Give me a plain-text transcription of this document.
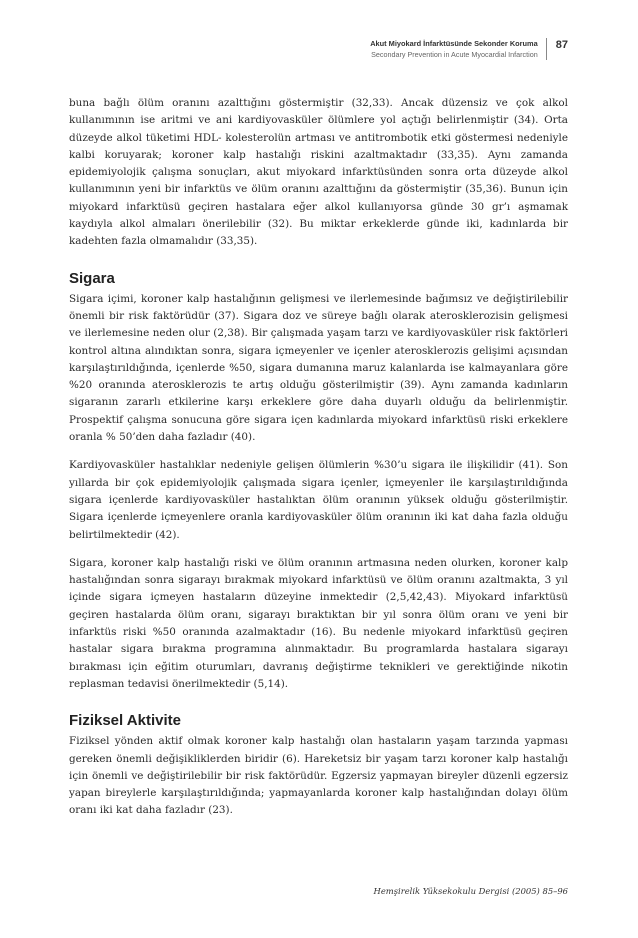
Akut Miyokard İnfarktüsünde Sekonder Koruma
Secondary Prevention in Acute Myocardial Infarction
87

buna bağlı ölüm oranını azalttığını göstermiştir (32,33). Ancak düzensiz ve çok alkol kullanımının ise aritmi ve ani kardiyovasküler ölümlere yol açtığı belirlenmiştir (34). Orta düzeyde alkol tüketimi HDL- kolesterolün artması ve antitrombotik etki göstermesi nedeniyle kalbi koruyarak; koroner kalp hastalığı riskini azaltmaktadır (33,35). Aynı zamanda epidemiyolojik çalışma sonuçları, akut miyokard infarktüsünden sonra orta düzeyde alkol kullanımının yeni bir infarktüs ve ölüm oranını azalttığını da göstermiştir (35,36). Bunun için miyokard infarktüsü geçiren hastalara eğer alkol kullanıyorsa günde 30 gr’ı aşmamak kaydıyla alkol almaları önerilebilir (32). Bu miktar erkeklerde günde iki, kadınlarda bir kadehten fazla olmamalıdır (33,35).

Sigara

Sigara içimi, koroner kalp hastalığının gelişmesi ve ilerlemesinde bağımsız ve değiştirilebilir önemli bir risk faktörüdür (37). Sigara doz ve süreye bağlı olarak aterosklerozisin gelişmesi ve ilerlemesine neden olur (2,38). Bir çalışmada yaşam tarzı ve kardiyovasküler risk faktörleri kontrol altına alındıktan sonra, sigara içmeyenler ve içenler aterosklerozis gelişimi açısından karşılaştırıldığında, içenlerde %50, sigara dumanına maruz kalanlarda ise kalmayanlara göre %20 oranında aterosklerozis te artış olduğu gösterilmiştir (39). Aynı zamanda kadınların sigaranın zararlı etkilerine karşı erkeklere göre daha duyarlı olduğu da belirlenmiştir. Prospektif çalışma sonucuna göre sigara içen kadınlarda miyokard infarktüsü riski erkeklere oranla % 50’den daha fazladır (40).

Kardiyovasküler hastalıklar nedeniyle gelişen ölümlerin %30’u sigara ile ilişkilidir (41). Son yıllarda bir çok epidemiyolojik çalışmada sigara içenler, içmeyenler ile karşılaştırıldığında sigara içenlerde kardiyovasküler hastalıktan ölüm oranının yüksek olduğu gösterilmiştir. Sigara içenlerde içmeyenlere oranla kardiyovasküler ölüm oranının iki kat daha fazla olduğu belirtilmektedir (42).

Sigara, koroner kalp hastalığı riski ve ölüm oranının artmasına neden olurken, koroner kalp hastalığından sonra sigarayı bırakmak miyokard infarktüsü ve ölüm oranını azaltmakta, 3 yıl içinde sigara içmeyen hastaların düzeyine inmektedir (2,5,42,43). Miyokard infarktüsü geçiren hastalarda ölüm oranı, sigarayı bıraktıktan bir yıl sonra ölüm oranı ve yeni bir infarktüs riski %50 oranında azalmaktadır (16). Bu nedenle miyokard infarktüsü geçiren hastalar sigara bırakma programına alınmaktadır. Bu programlarda hastalara sigarayı bırakması için eğitim oturumları, davranış değiştirme teknikleri ve gerektiğinde nikotin replasman tedavisi önerilmektedir (5,14).

Fiziksel Aktivite

Fiziksel yönden aktif olmak koroner kalp hastalığı olan hastaların yaşam tarzında yapması gereken önemli değişikliklerden biridir (6). Hareketsiz bir yaşam tarzı koroner kalp hastalığı için önemli ve değiştirilebilir bir risk faktörüdür. Egzersiz yapmayan bireyler düzenli egzersiz yapan bireylerle karşılaştırıldığında; yapmayanlarda koroner kalp hastalığından dolayı ölüm oranı iki kat daha fazladır (23).

Hemşirelik Yüksekokulu Dergisi (2005) 85–96
